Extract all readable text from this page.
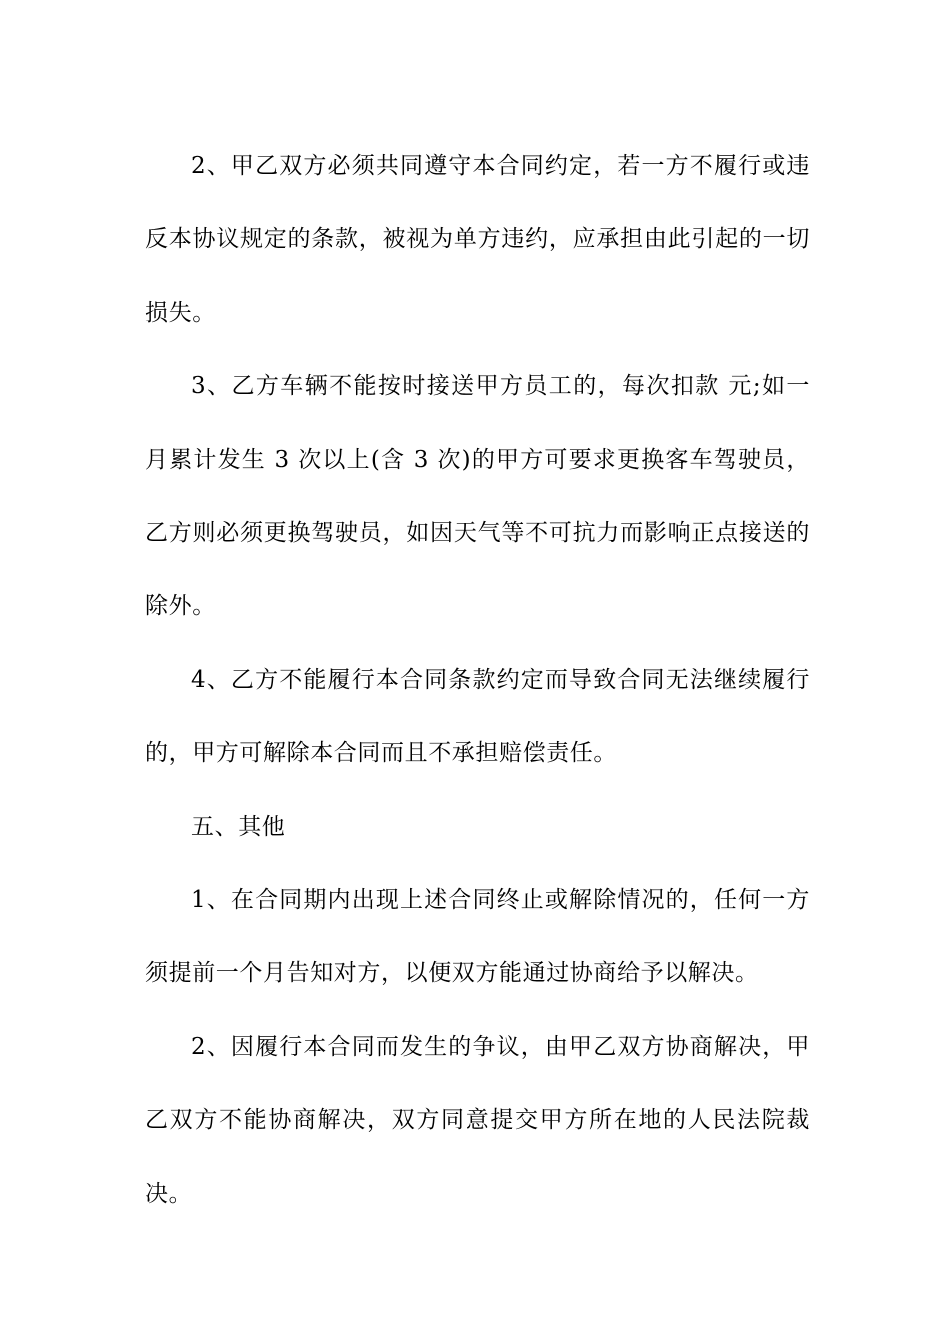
2、甲乙双方必须共同遵守本合同约定，若一方不履行或违反本协议规定的条款，被视为单方违约，应承担由此引起的一切损失。

3、乙方车辆不能按时接送甲方员工的，每次扣款 元;如一月累计发生 3 次以上(含 3 次)的甲方可要求更换客车驾驶员，乙方则必须更换驾驶员，如因天气等不可抗力而影响正点接送的除外。

4、乙方不能履行本合同条款约定而导致合同无法继续履行的，甲方可解除本合同而且不承担赔偿责任。

五、其他

1、在合同期内出现上述合同终止或解除情况的，任何一方须提前一个月告知对方，以便双方能通过协商给予以解决。

2、因履行本合同而发生的争议，由甲乙双方协商解决，甲乙双方不能协商解决，双方同意提交甲方所在地的人民法院裁决。
